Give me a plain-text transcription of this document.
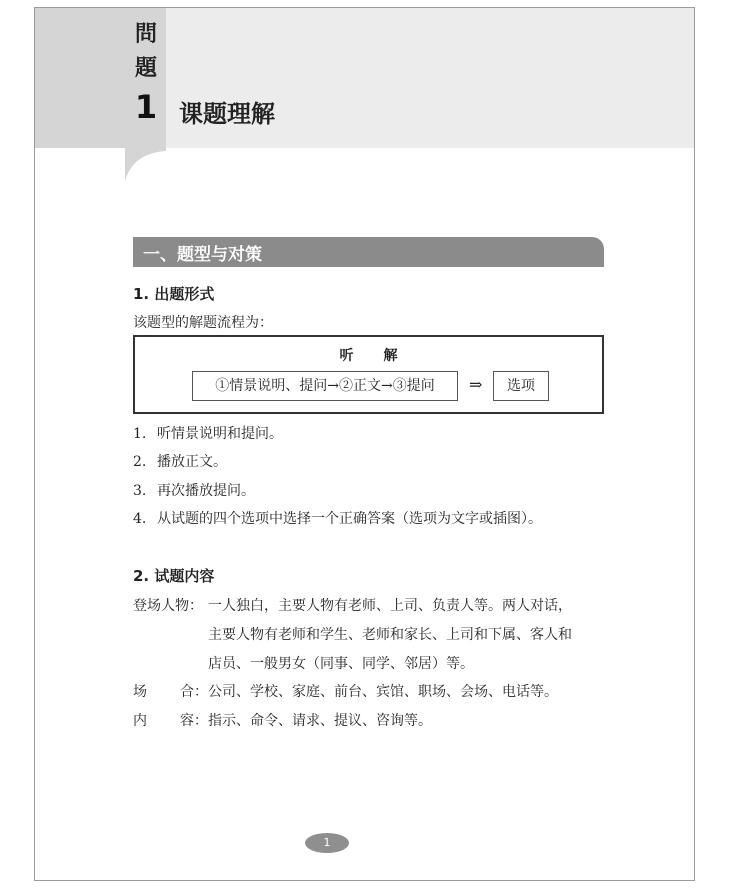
問
題
1 课题理解
一、题型与对策
1. 出题形式
该题型的解题流程为：
听解
①情景说明、提问→②正文→③提问	⇒	选项
1. 听情景说明和提问。
2. 播放正文。
3. 再次播放提问。
4. 从试题的四个选项中选择一个正确答案（选项为文字或插图）。
2. 试题内容
登场人物： 一人独白，主要人物有老师、上司、负责人等。两人对话，
主要人物有老师和学生、老师和家长、上司和下属、客人和
店员、一般男女（同事、同学、邻居）等。
场 合： 公司、学校、家庭、前台、宾馆、职场、会场、电话等。
内 容： 指示、命令、请求、提议、咨询等。
1
